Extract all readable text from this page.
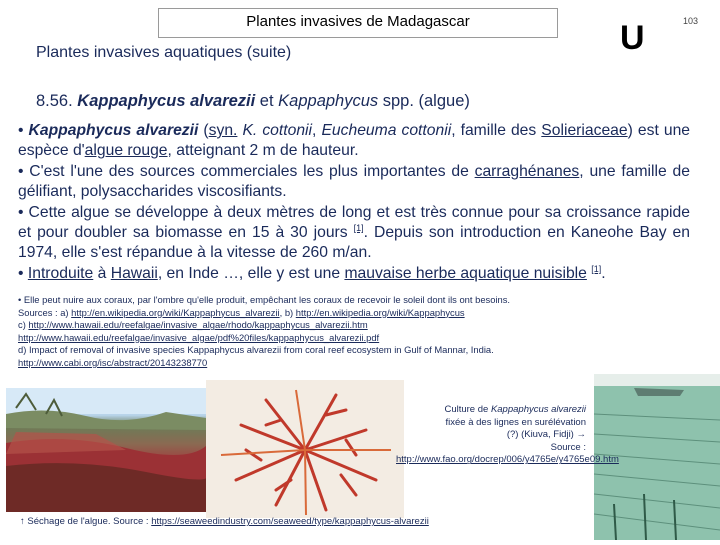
Plantes invasives de Madagascar	U	103
Plantes invasives aquatiques (suite)
8.56. Kappaphycus alvarezii et Kappaphycus spp. (algue)

• Kappaphycus alvarezii (syn. K. cottonii, Eucheuma cottonii, famille des Solieriaceae) est une espèce d'algue rouge, atteignant 2 m de hauteur.

• C'est l'une des sources commerciales les plus importantes de carraghénanes, une famille de gélifiant, polysaccharides viscosifiants.

• Cette algue se développe à deux mètres de long et est très connue pour sa croissance rapide et pour doubler sa biomasse en 15 à 30 jours [1]. Depuis son introduction en Kaneohe Bay en 1974, elle s'est répandue à la vitesse de 260 m/an.

• Introduite à Hawaii, en Inde …, elle y est une mauvaise herbe aquatique nuisible [1].

• Elle peut nuire aux coraux, par l'ombre qu'elle produit, empêchant les coraux de recevoir le soleil dont ils ont besoins.

Sources : a) http://en.wikipedia.org/wiki/Kappaphycus_alvarezii, b) http://en.wikipedia.org/wiki/Kappaphycus

c) http://www.hawaii.edu/reefalgae/invasive_algae/rhodo/kappaphycus_alvarezii.htm

http://www.hawaii.edu/reefalgae/invasive_algae/pdf%20files/kappaphycus_alvarezii.pdf

d) Impact of removal of invasive species Kappaphycus alvarezii from coral reef ecosystem in Gulf of Mannar, India.

http://www.cabi.org/isc/abstract/20143238770

Culture de Kappaphycus alvarezii
fixée à des lignes en surélévation
(?) (Kiuva, Fidji) →
Source :
http://www.fao.org/docrep/006/y4765e/y4765e09.htm
↑ Séchage de l'algue. Source : https://seaweedindustry.com/seaweed/type/kappaphycus-alvarezii
